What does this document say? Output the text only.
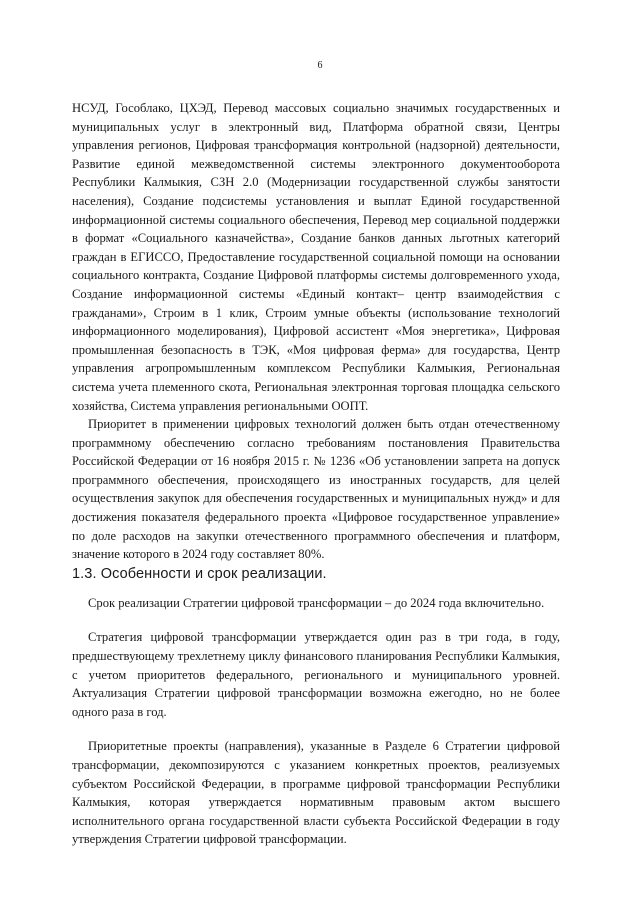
6

НСУД, Гособлако, ЦХЭД, Перевод массовых социально значимых государственных и муниципальных услуг в электронный вид, Платформа обратной связи, Центры управления регионов, Цифровая трансформация контрольной (надзорной) деятельности, Развитие единой межведомственной системы электронного документооборота Республики Калмыкия, СЗН 2.0 (Модернизации государственной службы занятости населения), Создание подсистемы установления и выплат Единой государственной информационной системы социального обеспечения, Перевод мер социальной поддержки в формат «Социального казначейства», Создание банков данных льготных категорий граждан в ЕГИССО, Предоставление государственной социальной помощи на основании социального контракта, Создание Цифровой платформы системы долговременного ухода, Создание информационной системы «Единый контакт– центр взаимодействия с гражданами», Строим в 1 клик, Строим умные объекты (использование технологий информационного моделирования), Цифровой ассистент «Моя энергетика», Цифровая промышленная безопасность в ТЭК, «Моя цифровая ферма» для государства, Центр управления агропромышленным комплексом Республики Калмыкия, Региональная система учета племенного скота, Региональная электронная торговая площадка сельского хозяйства, Система управления региональными ООПТ.

Приоритет в применении цифровых технологий должен быть отдан отечественному программному обеспечению согласно требованиям постановления Правительства Российской Федерации от 16 ноября 2015 г. № 1236 «Об установлении запрета на допуск программного обеспечения, происходящего из иностранных государств, для целей осуществления закупок для обеспечения государственных и муниципальных нужд» и для достижения показателя федерального проекта «Цифровое государственное управление» по доле расходов на закупки отечественного программного обеспечения и платформ, значение которого в 2024 году составляет 80%.

1.3. Особенности и срок реализации.

Срок реализации Стратегии цифровой трансформации – до 2024 года включительно.

Стратегия цифровой трансформации утверждается один раз в три года, в году, предшествующему трехлетнему циклу финансового планирования Республики Калмыкия, с учетом приоритетов федерального, регионального и муниципального уровней. Актуализация Стратегии цифровой трансформации возможна ежегодно, но не более одного раза в год.

Приоритетные проекты (направления), указанные в Разделе 6 Стратегии цифровой трансформации, декомпозируются с указанием конкретных проектов, реализуемых субъектом Российской Федерации, в программе цифровой трансформации Республики Калмыкия, которая утверждается нормативным правовым актом высшего исполнительного органа государственной власти субъекта Российской Федерации в году утверждения Стратегии цифровой трансформации.
